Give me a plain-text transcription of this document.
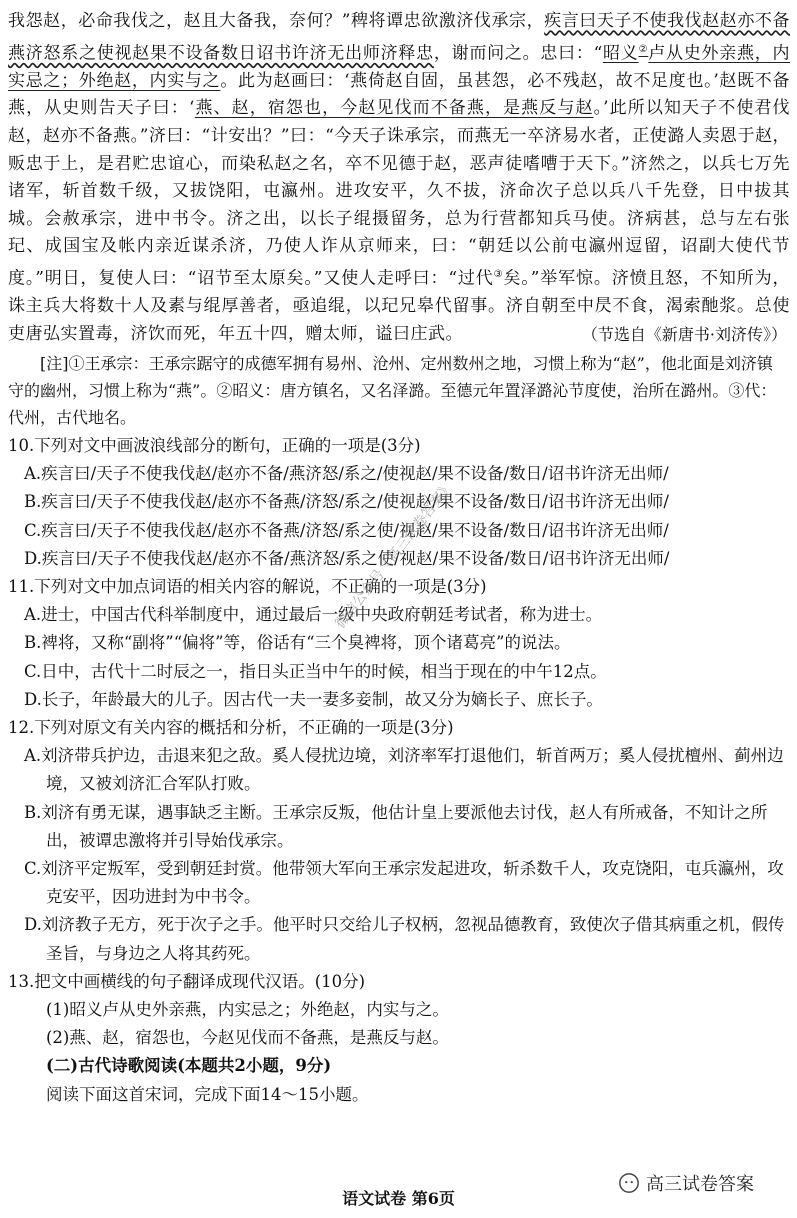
我怨赵，必命我伐之，赵且大备我，奈何？”稗将谭忠欲激济伐承宗，疾言曰天子不使我伐赵赵亦不备燕济怒系之使视赵果不设备数日诏书许济无出师济释忠，谢而问之。忠曰：“昭义②卢从史外亲燕，内实忌之；外绝赵，内实与之。此为赵画曰：‘燕倚赵自固，虽甚怨，必不残赵，故不足度也。’赵既不备燕，从史则告天子曰：‘燕、赵，宿怨也，今赵见伐而不备燕，是燕反与赵。’此所以知天子不使君伐赵，赵亦不备燕。”济曰：“计安出？”曰：“今天子诛承宗，而燕无一卒济易水者，正使潞人卖恩于赵，贩忠于上，是君贮忠谊心，而染私赵之名，卒不见德于赵，恶声徒嗜嘈于天下。”济然之，以兵七万先诸军，斩首数千级，又拔饶阳，屯瀛州。进攻安平，久不拔，济命次子总以兵八千先登，日中拔其城。会赦承宗，进中书令。济之出，以长子绲摄留务，总为行营都知兵马使。济病甚，总与左右张玘、成国宝及帐内亲近谋杀济，乃使人诈从京师来，曰：“朝廷以公前屯瀛州逗留，诏副大使代节度。”明日，复使人曰：“诏节至太原矣。”又使人走呼曰：“过代③矣。”举军惊。济愤且怒，不知所为，诛主兵大将数十人及素与绲厚善者，亟追绲，以玘兄皋代留事。济自朝至中昃不食，渴索酏浆。总使吏唐弘实置毒，济饮而死，年五十四，赠太师，谥曰庄武。	（节选自《新唐书·刘济传》）

[注]①王承宗：王承宗踞守的成德军拥有易州、沧州、定州数州之地，习惯上称为“赵”，他北面是刘济镇守的幽州，习惯上称为“燕”。②昭义：唐方镇名，又名泽潞。至德元年置泽潞沁节度使，治所在潞州。③代：代州，古代地名。

10.下列对文中画波浪线部分的断句，正确的一项是(3分)

A.疾言曰/天子不使我伐赵/赵亦不备/燕济怒/系之/使视赵/果不设备/数日/诏书许济无出师/

B.疾言曰/天子不使我伐赵/赵亦不备燕/济怒/系之/使视赵/果不设备/数日/诏书许济无出师/

C.疾言曰/天子不使我伐赵/赵亦不备燕/济怒/系之使/视赵/果不设备/数日/诏书许济无出师/

D.疾言曰/天子不使我伐赵/赵亦不备/燕济怒/系之使/视赵/果不设备/数日/诏书许济无出师/

11.下列对文中加点词语的相关内容的解说，不正确的一项是(3分)

A.进士，中国古代科举制度中，通过最后一级中央政府朝廷考试者，称为进士。

B.裨将，又称“副将”“偏将”等，俗话有“三个臭裨将，顶个诸葛亮”的说法。

C.日中，古代十二时辰之一，指日头正当中午的时候，相当于现在的中午12点。

D.长子，年龄最大的儿子。因古代一夫一妻多妾制，故又分为嫡长子、庶长子。

12.下列对原文有关内容的概括和分析，不正确的一项是(3分)

A.刘济带兵护边，击退来犯之敌。奚人侵扰边境，刘济率军打退他们，斩首两万；奚人侵扰檀州、蓟州边境，又被刘济汇合军队打败。

B.刘济有勇无谋，遇事缺乏主断。王承宗反叛，他估计皇上要派他去讨伐，赵人有所戒备，不知计之所出，被谭忠激将并引导始伐承宗。

C.刘济平定叛军，受到朝廷封赏。他带领大军向王承宗发起进攻，斩杀数千人，攻克饶阳，屯兵瀛州，攻克安平，因功进封为中书令。

D.刘济教子无方，死于次子之手。他平时只交给儿子权柄，忽视品德教育，致使次子借其病重之机，假传圣旨，与身边之人将其药死。

13.把文中画横线的句子翻译成现代汉语。(10分)

(1)昭义卢从史外亲燕，内实忌之；外绝赵，内实与之。

(2)燕、赵，宿怨也，今赵见伐而不备燕，是燕反与赵。

(二)古代诗歌阅读(本题共2小题，9分)

阅读下面这首宋词，完成下面14～15小题。

微信公众号《高三试卷答案》
高三试卷答案
语文试卷 第6页
